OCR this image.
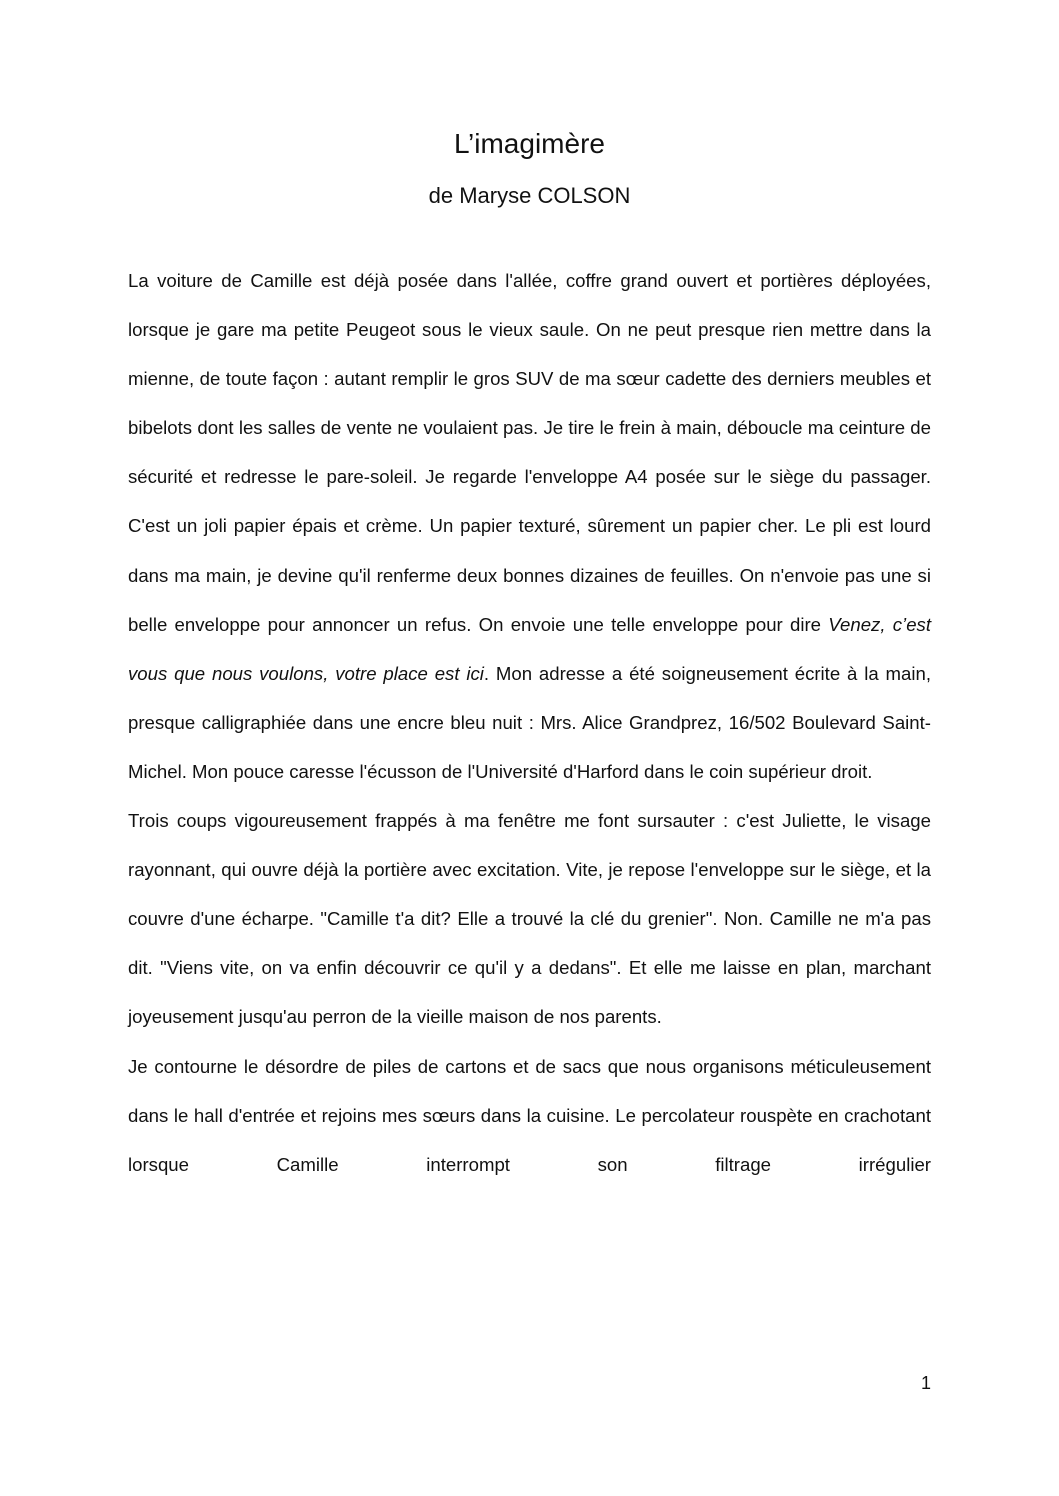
L’imagimère
de Maryse COLSON

La voiture de Camille est déjà posée dans l'allée, coffre grand ouvert et portières déployées, lorsque je gare ma petite Peugeot sous le vieux saule. On ne peut presque rien mettre dans la mienne, de toute façon : autant remplir le gros SUV de ma sœur cadette des derniers meubles et bibelots dont les salles de vente ne voulaient pas. Je tire le frein à main, déboucle ma ceinture de sécurité et redresse le pare-soleil. Je regarde l'enveloppe A4 posée sur le siège du passager. C'est un joli papier épais et crème. Un papier texturé, sûrement un papier cher. Le pli est lourd dans ma main, je devine qu'il renferme deux bonnes dizaines de feuilles. On n'envoie pas une si belle enveloppe pour annoncer un refus. On envoie une telle enveloppe pour dire Venez, c’est vous que nous voulons, votre place est ici. Mon adresse a été soigneusement écrite à la main, presque calligraphiée dans une encre bleu nuit : Mrs. Alice Grandprez, 16/502 Boulevard Saint-Michel. Mon pouce caresse l'écusson de l'Université d'Harford dans le coin supérieur droit.

Trois coups vigoureusement frappés à ma fenêtre me font sursauter : c'est Juliette, le visage rayonnant, qui ouvre déjà la portière avec excitation. Vite, je repose l'enveloppe sur le siège, et la couvre d'une écharpe. "Camille t'a dit? Elle a trouvé la clé du grenier". Non. Camille ne m'a pas dit. "Viens vite, on va enfin découvrir ce qu'il y a dedans". Et elle me laisse en plan, marchant joyeusement jusqu'au perron de la vieille maison de nos parents.

Je contourne le désordre de piles de cartons et de sacs que nous organisons méticuleusement dans le hall d'entrée et rejoins mes sœurs dans la cuisine. Le percolateur rouspète en crachotant lorsque Camille interrompt son filtrage irrégulier

1
